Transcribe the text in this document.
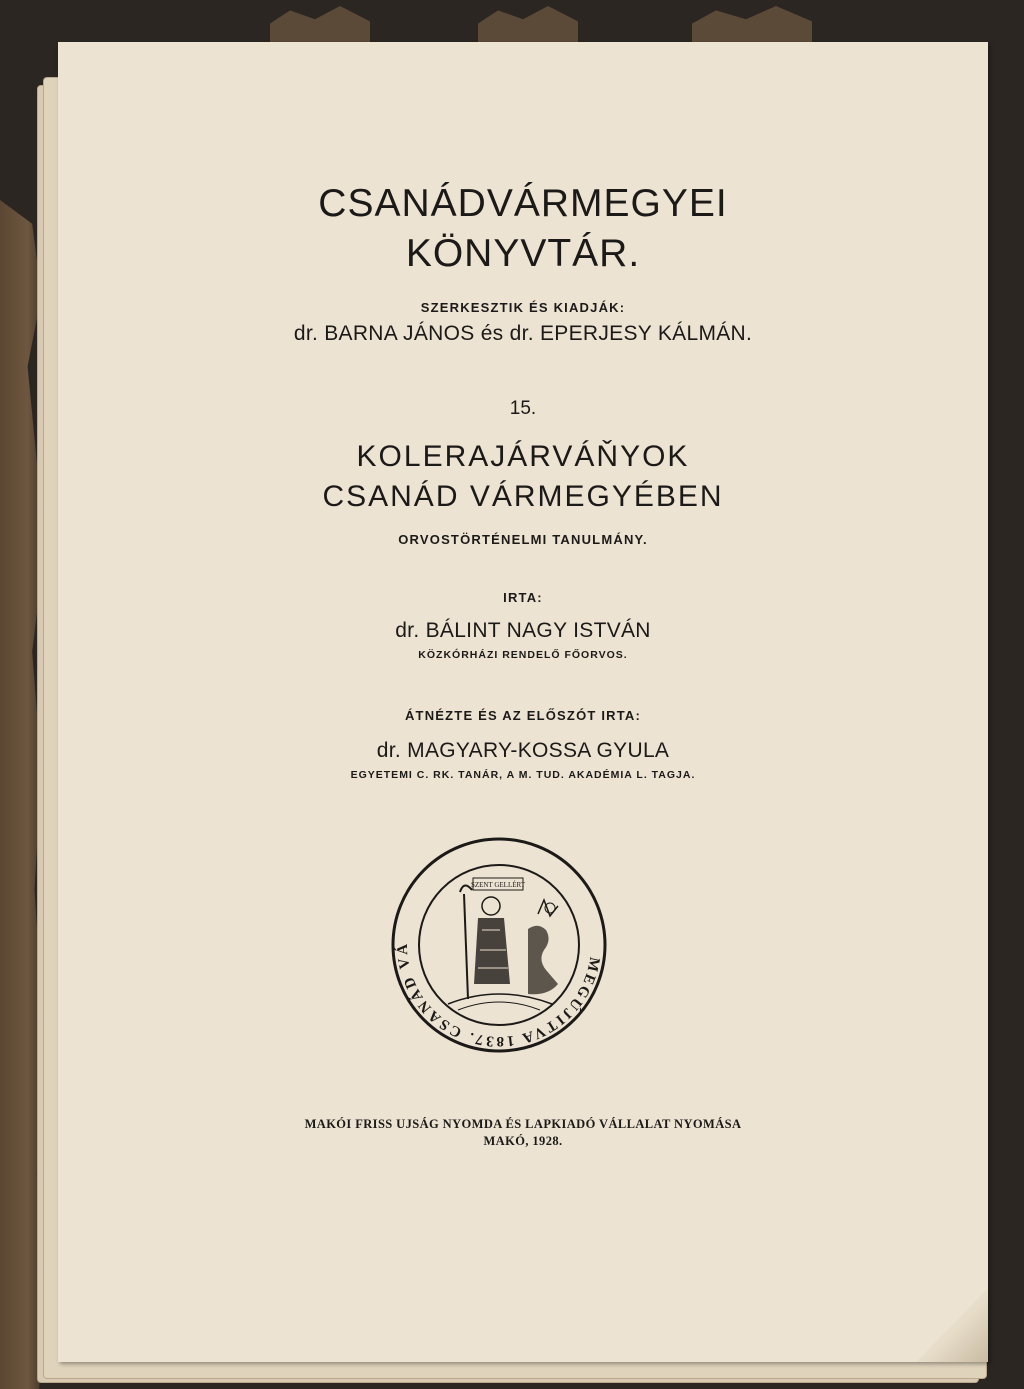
CSANÁDVÁRMEGYEI
KÖNYVTÁR.
SZERKESZTIK ÉS KIADJÁK:
dr. BARNA JÁNOS és dr. EPERJESY KÁLMÁN.
15.
KOLERAJÁRVÁŇYOK
CSANÁD VÁRMEGYÉBEN
ORVOSTÖRTÉNELMI TANULMÁNY.
IRTA:
dr. BÁLINT NAGY ISTVÁN
KÖZKÓRHÁZI RENDELŐ FŐORVOS.
ÁTNÉZTE ÉS AZ ELŐSZÓT IRTA:
dr. MAGYARY-KOSSA GYULA
EGYETEMI C. RK. TANÁR, A M. TUD. AKADÉMIA L. TAGJA.
MEGÚJITVA 1837. CSANÁD VÁ
SZENT GELLÉRT
MAKÓI FRISS UJSÁG NYOMDA ÉS LAPKIADÓ VÁLLALAT NYOMÁSA
MAKÓ, 1928.
